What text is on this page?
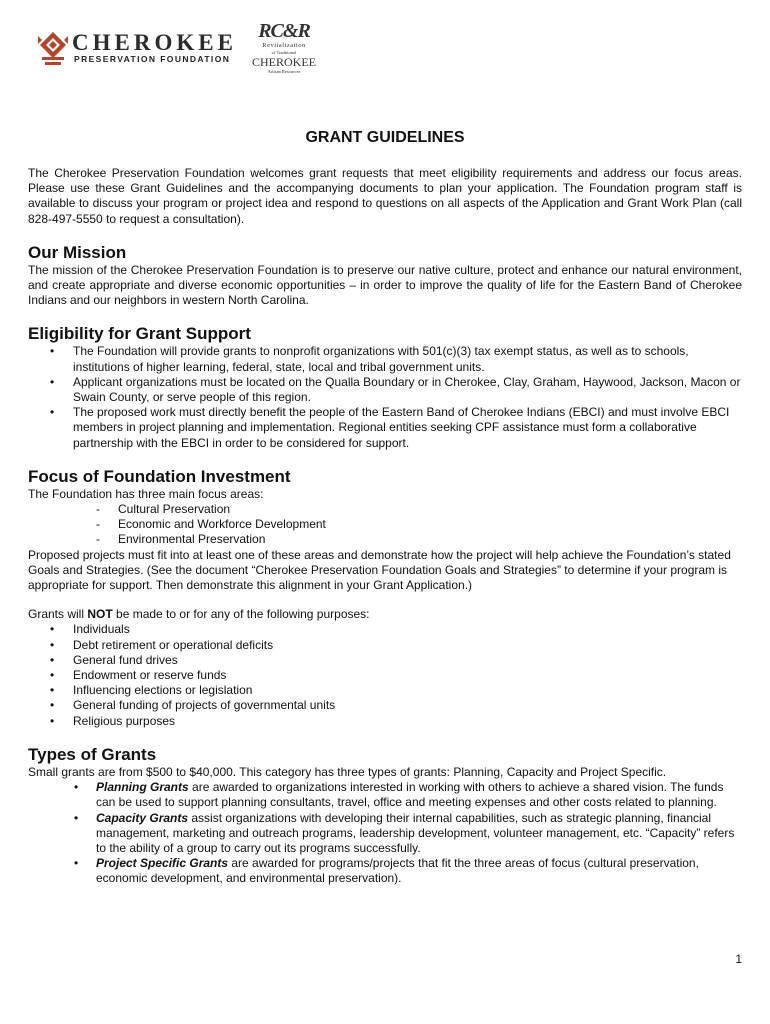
CHEROKEE
PRESERVATION FOUNDATION
RC&R
Revitalization
of Traditional
CHEROKEE
Artisan Resources
GRANT GUIDELINES

The Cherokee Preservation Foundation welcomes grant requests that meet eligibility requirements and address our focus areas. Please use these Grant Guidelines and the accompanying documents to plan your application. The Foundation program staff is available to discuss your program or project idea and respond to questions on all aspects of the Application and Grant Work Plan (call 828-497-5550 to request a consultation).

Our Mission

The mission of the Cherokee Preservation Foundation is to preserve our native culture, protect and enhance our natural environment, and create appropriate and diverse economic opportunities – in order to improve the quality of life for the Eastern Band of Cherokee Indians and our neighbors in western North Carolina.

Eligibility for Grant Support
• The Foundation will provide grants to nonprofit organizations with 501(c)(3) tax exempt status, as well as to schools, institutions of higher learning, federal, state, local and tribal government units.
• Applicant organizations must be located on the Qualla Boundary or in Cherokee, Clay, Graham, Haywood, Jackson, Macon or Swain County, or serve people of this region.
• The proposed work must directly benefit the people of the Eastern Band of Cherokee Indians (EBCI) and must involve EBCI members in project planning and implementation. Regional entities seeking CPF assistance must form a collaborative partnership with the EBCI in order to be considered for support.
Focus of Foundation Investment

The Foundation has three main focus areas:

- Cultural Preservation
- Economic and Workforce Development
- Environmental Preservation

Proposed projects must fit into at least one of these areas and demonstrate how the project will help achieve the Foundation’s stated Goals and Strategies. (See the document “Cherokee Preservation Foundation Goals and Strategies” to determine if your program is appropriate for support. Then demonstrate this alignment in your Grant Application.)

Grants will NOT be made to or for any of the following purposes:

• Individuals
• Debt retirement or operational deficits
• General fund drives
• Endowment or reserve funds
• Influencing elections or legislation
• General funding of projects of governmental units
• Religious purposes
Types of Grants

Small grants are from $500 to $40,000. This category has three types of grants: Planning, Capacity and Project Specific.

• Planning Grants are awarded to organizations interested in working with others to achieve a shared vision. The funds can be used to support planning consultants, travel, office and meeting expenses and other costs related to planning.
• Capacity Grants assist organizations with developing their internal capabilities, such as strategic planning, financial management, marketing and outreach programs, leadership development, volunteer management, etc. “Capacity” refers to the ability of a group to carry out its programs successfully.
• Project Specific Grants are awarded for programs/projects that fit the three areas of focus (cultural preservation, economic development, and environmental preservation).
1
